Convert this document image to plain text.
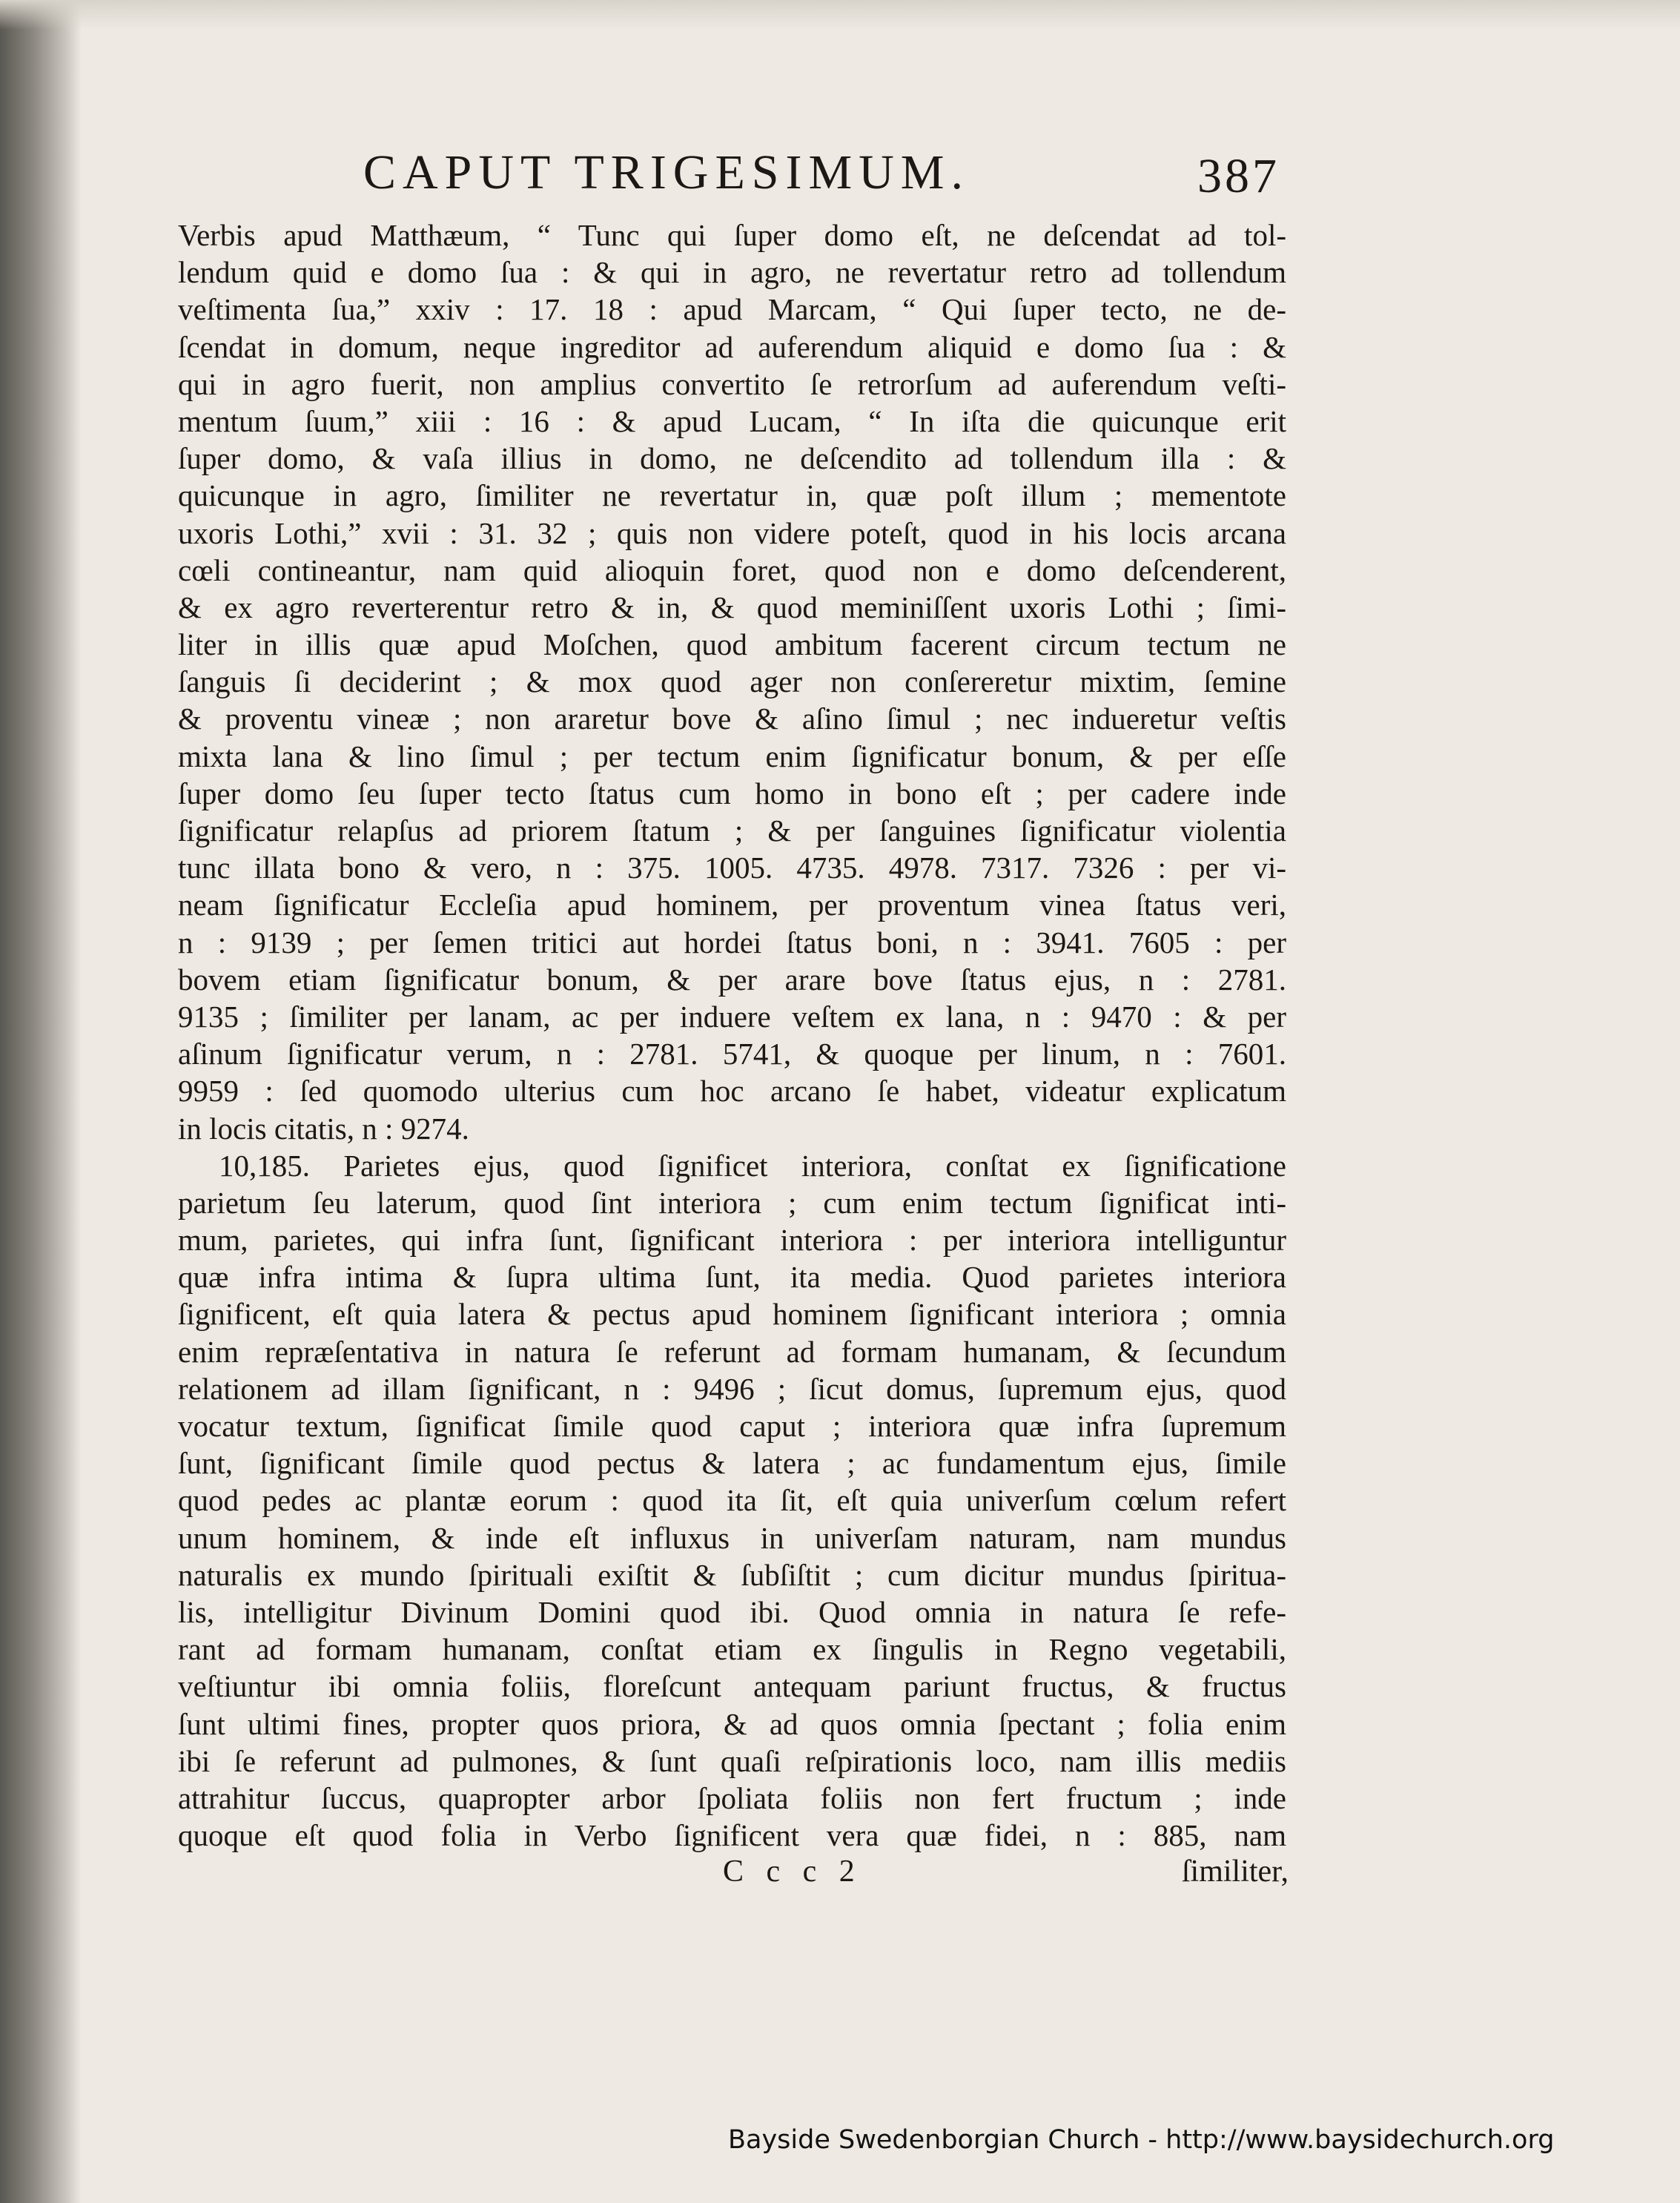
CAPUT TRIGESIMUM.	387
Verbis apud Matthæum, “ Tunc qui ſuper domo eſt, ne deſcendat ad tol-
lendum quid e domo ſua : & qui in agro, ne revertatur retro ad tollendum
veſtimenta ſua,” xxiv : 17. 18 : apud Marcam, “ Qui ſuper tecto, ne de-
ſcendat in domum, neque ingreditor ad auferendum aliquid e domo ſua : &
qui in agro fuerit, non amplius convertito ſe retrorſum ad auferendum veſti-
mentum ſuum,” xiii : 16 : & apud Lucam, “ In iſta die quicunque erit
ſuper domo, & vaſa illius in domo, ne deſcendito ad tollendum illa : &
quicunque in agro, ſimiliter ne revertatur in, quæ poſt illum ; mementote
uxoris Lothi,” xvii : 31. 32 ; quis non videre poteſt, quod in his locis arcana
cœli contineantur, nam quid alioquin foret, quod non e domo deſcenderent,
& ex agro reverterentur retro & in, & quod meminiſſent uxoris Lothi ; ſimi-
liter in illis quæ apud Moſchen, quod ambitum facerent circum tectum ne
ſanguis ſi deciderint ; & mox quod ager non conſereretur mixtim, ſemine
& proventu vineæ ; non araretur bove & aſino ſimul ; nec indueretur veſtis
mixta lana & lino ſimul ; per tectum enim ſignificatur bonum, & per eſſe
ſuper domo ſeu ſuper tecto ſtatus cum homo in bono eſt ; per cadere inde
ſignificatur relapſus ad priorem ſtatum ; & per ſanguines ſignificatur violentia
tunc illata bono & vero, n : 375. 1005. 4735. 4978. 7317. 7326 : per vi-
neam ſignificatur Eccleſia apud hominem, per proventum vinea ſtatus veri,
n : 9139 ; per ſemen tritici aut hordei ſtatus boni, n : 3941. 7605 : per
bovem etiam ſignificatur bonum, & per arare bove ſtatus ejus, n : 2781.
9135 ; ſimiliter per lanam, ac per induere veſtem ex lana, n : 9470 : & per
aſinum ſignificatur verum, n : 2781. 5741, & quoque per linum, n : 7601.
9959 : ſed quomodo ulterius cum hoc arcano ſe habet, videatur explicatum
in locis citatis, n : 9274.
10,185. Parietes ejus, quod ſignificet interiora, conſtat ex ſignificatione
parietum ſeu laterum, quod ſint interiora ; cum enim tectum ſignificat inti-
mum, parietes, qui infra ſunt, ſignificant interiora : per interiora intelliguntur
quæ infra intima & ſupra ultima ſunt, ita media. Quod parietes interiora
ſignificent, eſt quia latera & pectus apud hominem ſignificant interiora ; omnia
enim repræſentativa in natura ſe referunt ad formam humanam, & ſecundum
relationem ad illam ſignificant, n : 9496 ; ſicut domus, ſupremum ejus, quod
vocatur textum, ſignificat ſimile quod caput ; interiora quæ infra ſupremum
ſunt, ſignificant ſimile quod pectus & latera ; ac fundamentum ejus, ſimile
quod pedes ac plantæ eorum : quod ita ſit, eſt quia univerſum cœlum refert
unum hominem, & inde eſt influxus in univerſam naturam, nam mundus
naturalis ex mundo ſpirituali exiſtit & ſubſiſtit ; cum dicitur mundus ſpiritua-
lis, intelligitur Divinum Domini quod ibi. Quod omnia in natura ſe refe-
rant ad formam humanam, conſtat etiam ex ſingulis in Regno vegetabili,
veſtiuntur ibi omnia foliis, floreſcunt antequam pariunt fructus, & fructus
ſunt ultimi fines, propter quos priora, & ad quos omnia ſpectant ; folia enim
ibi ſe referunt ad pulmones, & ſunt quaſi reſpirationis loco, nam illis mediis
attrahitur ſuccus, quapropter arbor ſpoliata foliis non fert fructum ; inde
quoque eſt quod folia in Verbo ſignificent vera quæ fidei, n : 885, nam
C c c 2	ſimiliter,
Bayside Swedenborgian Church - http://www.baysidechurch.org
